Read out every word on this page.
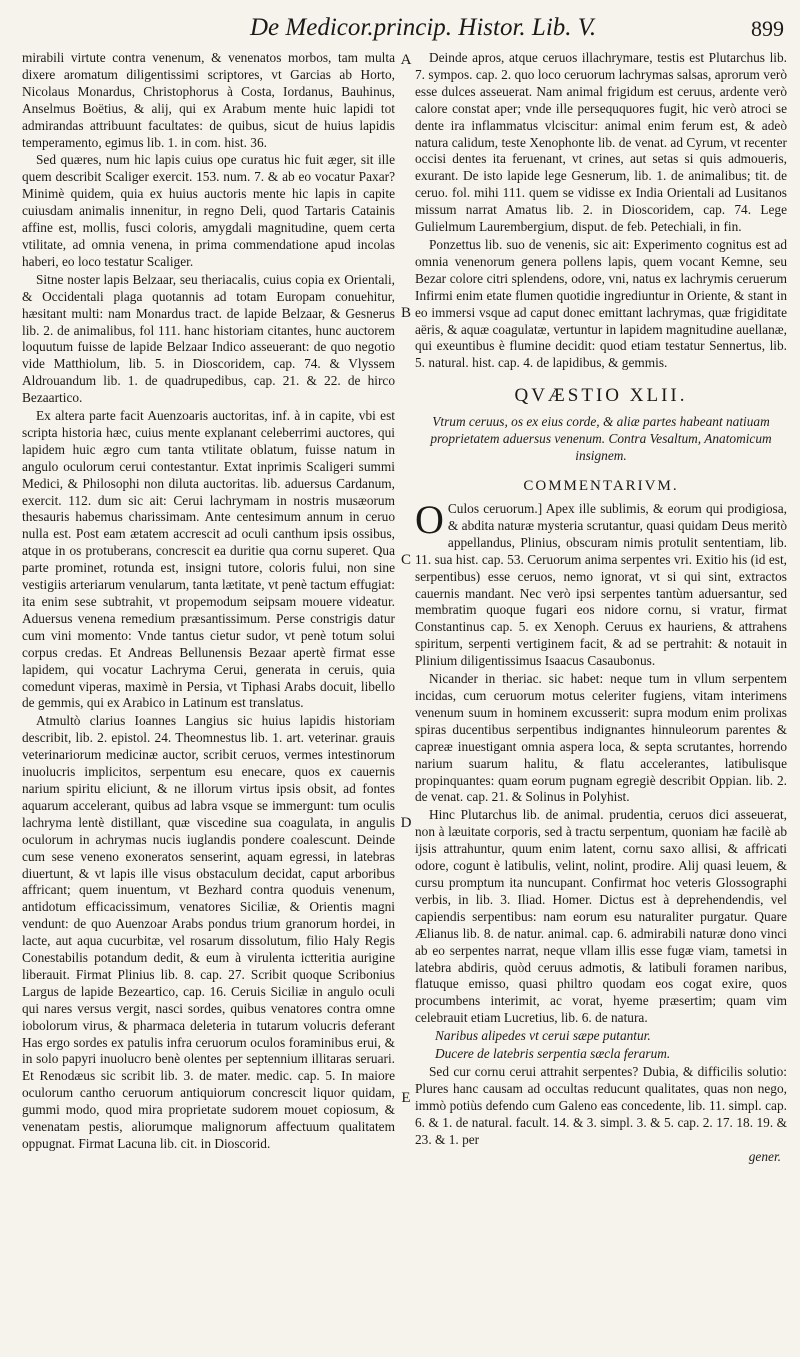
De Medicor.princip. Histor. Lib. V.	899
A
B
C
D
E

mirabili virtute contra venenum, & venenatos morbos, tam multa dixere aromatum diligentissimi scriptores, vt Garcias ab Horto, Nicolaus Monardus, Christophorus à Costa, Iordanus, Bauhinus, Anselmus Boëtius, & alij, qui ex Arabum mente huic lapidi tot admirandas attribuunt facultates: de quibus, sicut de huius lapidis temperamento, egimus lib. 1. in com. hist. 36.

Sed quæres, num hic lapis cuius ope curatus hic fuit æger, sit ille quem describit Scaliger exercit. 153. num. 7. & ab eo vocatur Paxar? Minimè quidem, quia ex huius auctoris mente hic lapis in capite cuiusdam animalis innenitur, in regno Deli, quod Tartaris Catainis affine est, mollis, fusci coloris, amygdali magnitudine, quem certa vtilitate, ad omnia venena, in prima commendatione apud incolas haberi, eo loco testatur Scaliger.

Sitne noster lapis Belzaar, seu theriacalis, cuius copia ex Orientali, & Occidentali plaga quotannis ad totam Europam conuehitur, hæsitant multi: nam Monardus tract. de lapide Belzaar, & Gesnerus lib. 2. de animalibus, fol 111. hanc historiam citantes, hunc auctorem loquutum fuisse de lapide Belzaar Indico asseuerant: de quo negotio vide Matthiolum, lib. 5. in Dioscoridem, cap. 74. & Vlyssem Aldrouandum lib. 1. de quadrupedibus, cap. 21. & 22. de hirco Bezaartico.

Ex altera parte facit Auenzoaris auctoritas, inf. à in capite, vbi est scripta historia hæc, cuius mente explanant celeberrimi auctores, qui lapidem huic ægro cum tanta vtilitate oblatum, fuisse natum in angulo oculorum cerui contestantur. Extat inprimis Scaligeri summi Medici, & Philosophi non diluta auctoritas. lib. aduersus Cardanum, exercit. 112. dum sic ait: Cerui lachrymam in nostris musæorum thesauris habemus charissimam. Ante centesimum annum in ceruo nulla est. Post eam ætatem accrescit ad oculi canthum ipsis ossibus, atque in os protuberans, concrescit ea duritie qua cornu superet. Qua parte prominet, rotunda est, insigni tutore, coloris fului, non sine vestigiis arteriarum venularum, tanta lætitate, vt penè tactum effugiat: ita enim sese subtrahit, vt propemodum seipsam mouere videatur. Aduersus venena remedium præsantissimum. Perse constrigis datur cum vini momento: Vnde tantus cietur sudor, vt penè totum solui corpus credas. Et Andreas Bellunensis Bezaar apertè firmat esse lapidem, qui vocatur Lachryma Cerui, generata in ceruis, quia comedunt viperas, maximè in Persia, vt Tiphasi Arabs docuit, libello de gemmis, qui ex Arabico in Latinum est translatus.

Atmultò clarius Ioannes Langius sic huius lapidis historiam describit, lib. 2. epistol. 24. Theomnestus lib. 1. art. veterinar. grauis veterinariorum medicinæ auctor, scribit ceruos, vermes intestinorum inuolucris implicitos, serpentum esu enecare, quos ex cauernis narium spiritu eliciunt, & ne illorum virtus ipsis obsit, ad fontes aquarum accelerant, quibus ad labra vsque se immergunt: tum oculis lachryma lentè distillant, quæ viscedine sua coagulata, in angulis oculorum in achrymas nucis iuglandis pondere coalescunt. Deinde cum sese veneno exoneratos senserint, aquam egressi, in latebras diuertunt, & vt lapis ille visus obstaculum decidat, caput arboribus affricant; quem inuentum, vt Bezhard contra quoduis venenum, antidotum efficacissimum, venatores Siciliæ, & Orientis magni vendunt: de quo Auenzoar Arabs pondus trium granorum hordei, in lacte, aut aqua cucurbitæ, vel rosarum dissolutum, filio Haly Regis Conestabilis potandum dedit, & eum à virulenta ictteritia aurigine liberauit. Firmat Plinius lib. 8. cap. 27. Scribit quoque Scribonius Largus de lapide Bezeartico, cap. 16. Ceruis Siciliæ in angulo oculi qui nares versus vergit, nasci sordes, quibus venatores contra omne iobolorum virus, & pharmaca deleteria in tutarum volucris deferant Has ergo sordes ex patulis infra ceruorum oculos foraminibus erui, & in solo papyri inuolucro benè olentes per septennium illitaras seruari. Et Renodæus sic scribit lib. 3. de mater. medic. cap. 5. In maiore oculorum cantho ceruorum antiquiorum concrescit liquor quidam, gummi modo, quod mira proprietate sudorem mouet copiosum, & venenatam pestis, aliorumque malignorum affectuum qualitatem oppugnat. Firmat Lacuna lib. cit. in Dioscorid.

Deinde apros, atque ceruos illachrymare, testis est Plutarchus lib. 7. sympos. cap. 2. quo loco ceruorum lachrymas salsas, aprorum verò esse dulces asseuerat. Nam animal frigidum est ceruus, ardente verò calore constat aper; vnde ille perseququores fugit, hic verò atroci se dente ira inflammatus vlciscitur: animal enim ferum est, & adeò natura calidum, teste Xenophonte lib. de venat. ad Cyrum, vt recenter occisi dentes ita feruenant, vt crines, aut setas si quis admoueris, exurant. De isto lapide lege Gesnerum, lib. 1. de animalibus; tit. de ceruo. fol. mihi 111. quem se vidisse ex India Orientali ad Lusitanos missum narrat Amatus lib. 2. in Dioscoridem, cap. 74. Lege Gulielmum Laurembergium, disput. de feb. Petechiali, in fin.

Ponzettus lib. suo de venenis, sic ait: Experimento cognitus est ad omnia venenorum genera pollens lapis, quem vocant Kemne, seu Bezar colore citri splendens, odore, vni, natus ex lachrymis ceruerum Infirmi enim etate flumen quotidie ingrediuntur in Oriente, & stant in eo immersi vsque ad caput donec emittant lachrymas, quæ frigiditate aëris, & aquæ coagulatæ, vertuntur in lapidem magnitudine auellanæ, qui exeuntibus è flumine decidit: quod etiam testatur Sennertus, lib. 5. natural. hist. cap. 4. de lapidibus, & gemmis.

QVÆSTIO XLII.
Vtrum ceruus, os ex eius corde, & aliæ partes habeant natiuam proprietatem aduersus venenum. Contra Vesaltum, Anatomicum insignem.
COMMENTARIVM.

O Culos ceruorum.] Apex ille sublimis, & eorum qui prodigiosa, & abdita naturæ mysteria scrutantur, quasi quidam Deus meritò appellandus, Plinius, obscuram nimis protulit sententiam, lib. 11. sua hist. cap. 53. Ceruorum anima serpentes vri. Exitio his (id est, serpentibus) esse ceruos, nemo ignorat, vt si qui sint, extractos cauernis mandant. Nec verò ipsi serpentes tantùm aduersantur, sed membratim quoque fugari eos nidore cornu, si vratur, firmat Constantinus cap. 5. ex Xenoph. Ceruus ex hauriens, & attrahens spiritum, serpenti vertiginem facit, & ad se pertrahit: & notauit in Plinium diligentissimus Isaacus Casaubonus.

Nicander in theriac. sic habet: neque tum in vllum serpentem incidas, cum ceruorum motus celeriter fugiens, vitam interimens venenum suum in hominem excusserit: supra modum enim prolixas spiras ducentibus serpentibus indignantes hinnuleorum parentes & capreæ inuestigant omnia aspera loca, & septa scrutantes, horrendo narium suarum halitu, & flatu accelerantes, latibulisque propinquantes: quam eorum pugnam egregiè describit Oppian. lib. 2. de venat. cap. 21. & Solinus in Polyhist.

Hinc Plutarchus lib. de animal. prudentia, ceruos dici asseuerat, non à læuitate corporis, sed à tractu serpentum, quoniam hæ facilè ab ijsis attrahuntur, quum enim latent, cornu saxo allisi, & affricati odore, cogunt è latibulis, velint, nolint, prodire. Alij quasi leuem, & cursu promptum ita nuncupant. Confirmat hoc veteris Glossographi verbis, in lib. 3. Iliad. Homer. Dictus est à deprehendendis, vel capiendis serpentibus: nam eorum esu naturaliter purgatur. Quare Ælianus lib. 8. de natur. animal. cap. 6. admirabili naturæ dono vinci ab eo serpentes narrat, neque vllam illis esse fugæ viam, tametsi in latebra abdiris, quòd ceruus admotis, & latibuli foramen naribus, flatuque emisso, quasi philtro quodam eos cogat exire, quos procumbens interimit, ac vorat, hyeme præsertim; quam vim celebrauit etiam Lucretius, lib. 6. de natura.

Naribus alipedes vt cerui sæpe putantur.

Ducere de latebris serpentia sæcla ferarum.

Sed cur cornu cerui attrahit serpentes? Dubia, & difficilis solutio: Plures hanc causam ad occultas reducunt qualitates, quas non nego, immò potiùs defendo cum Galeno eas concedente, lib. 11. simpl. cap. 6. & 1. de natural. facult. 14. & 3. simpl. 3. & 5. cap. 2. 17. 18. 19. & 23. & 1. per

gener.
